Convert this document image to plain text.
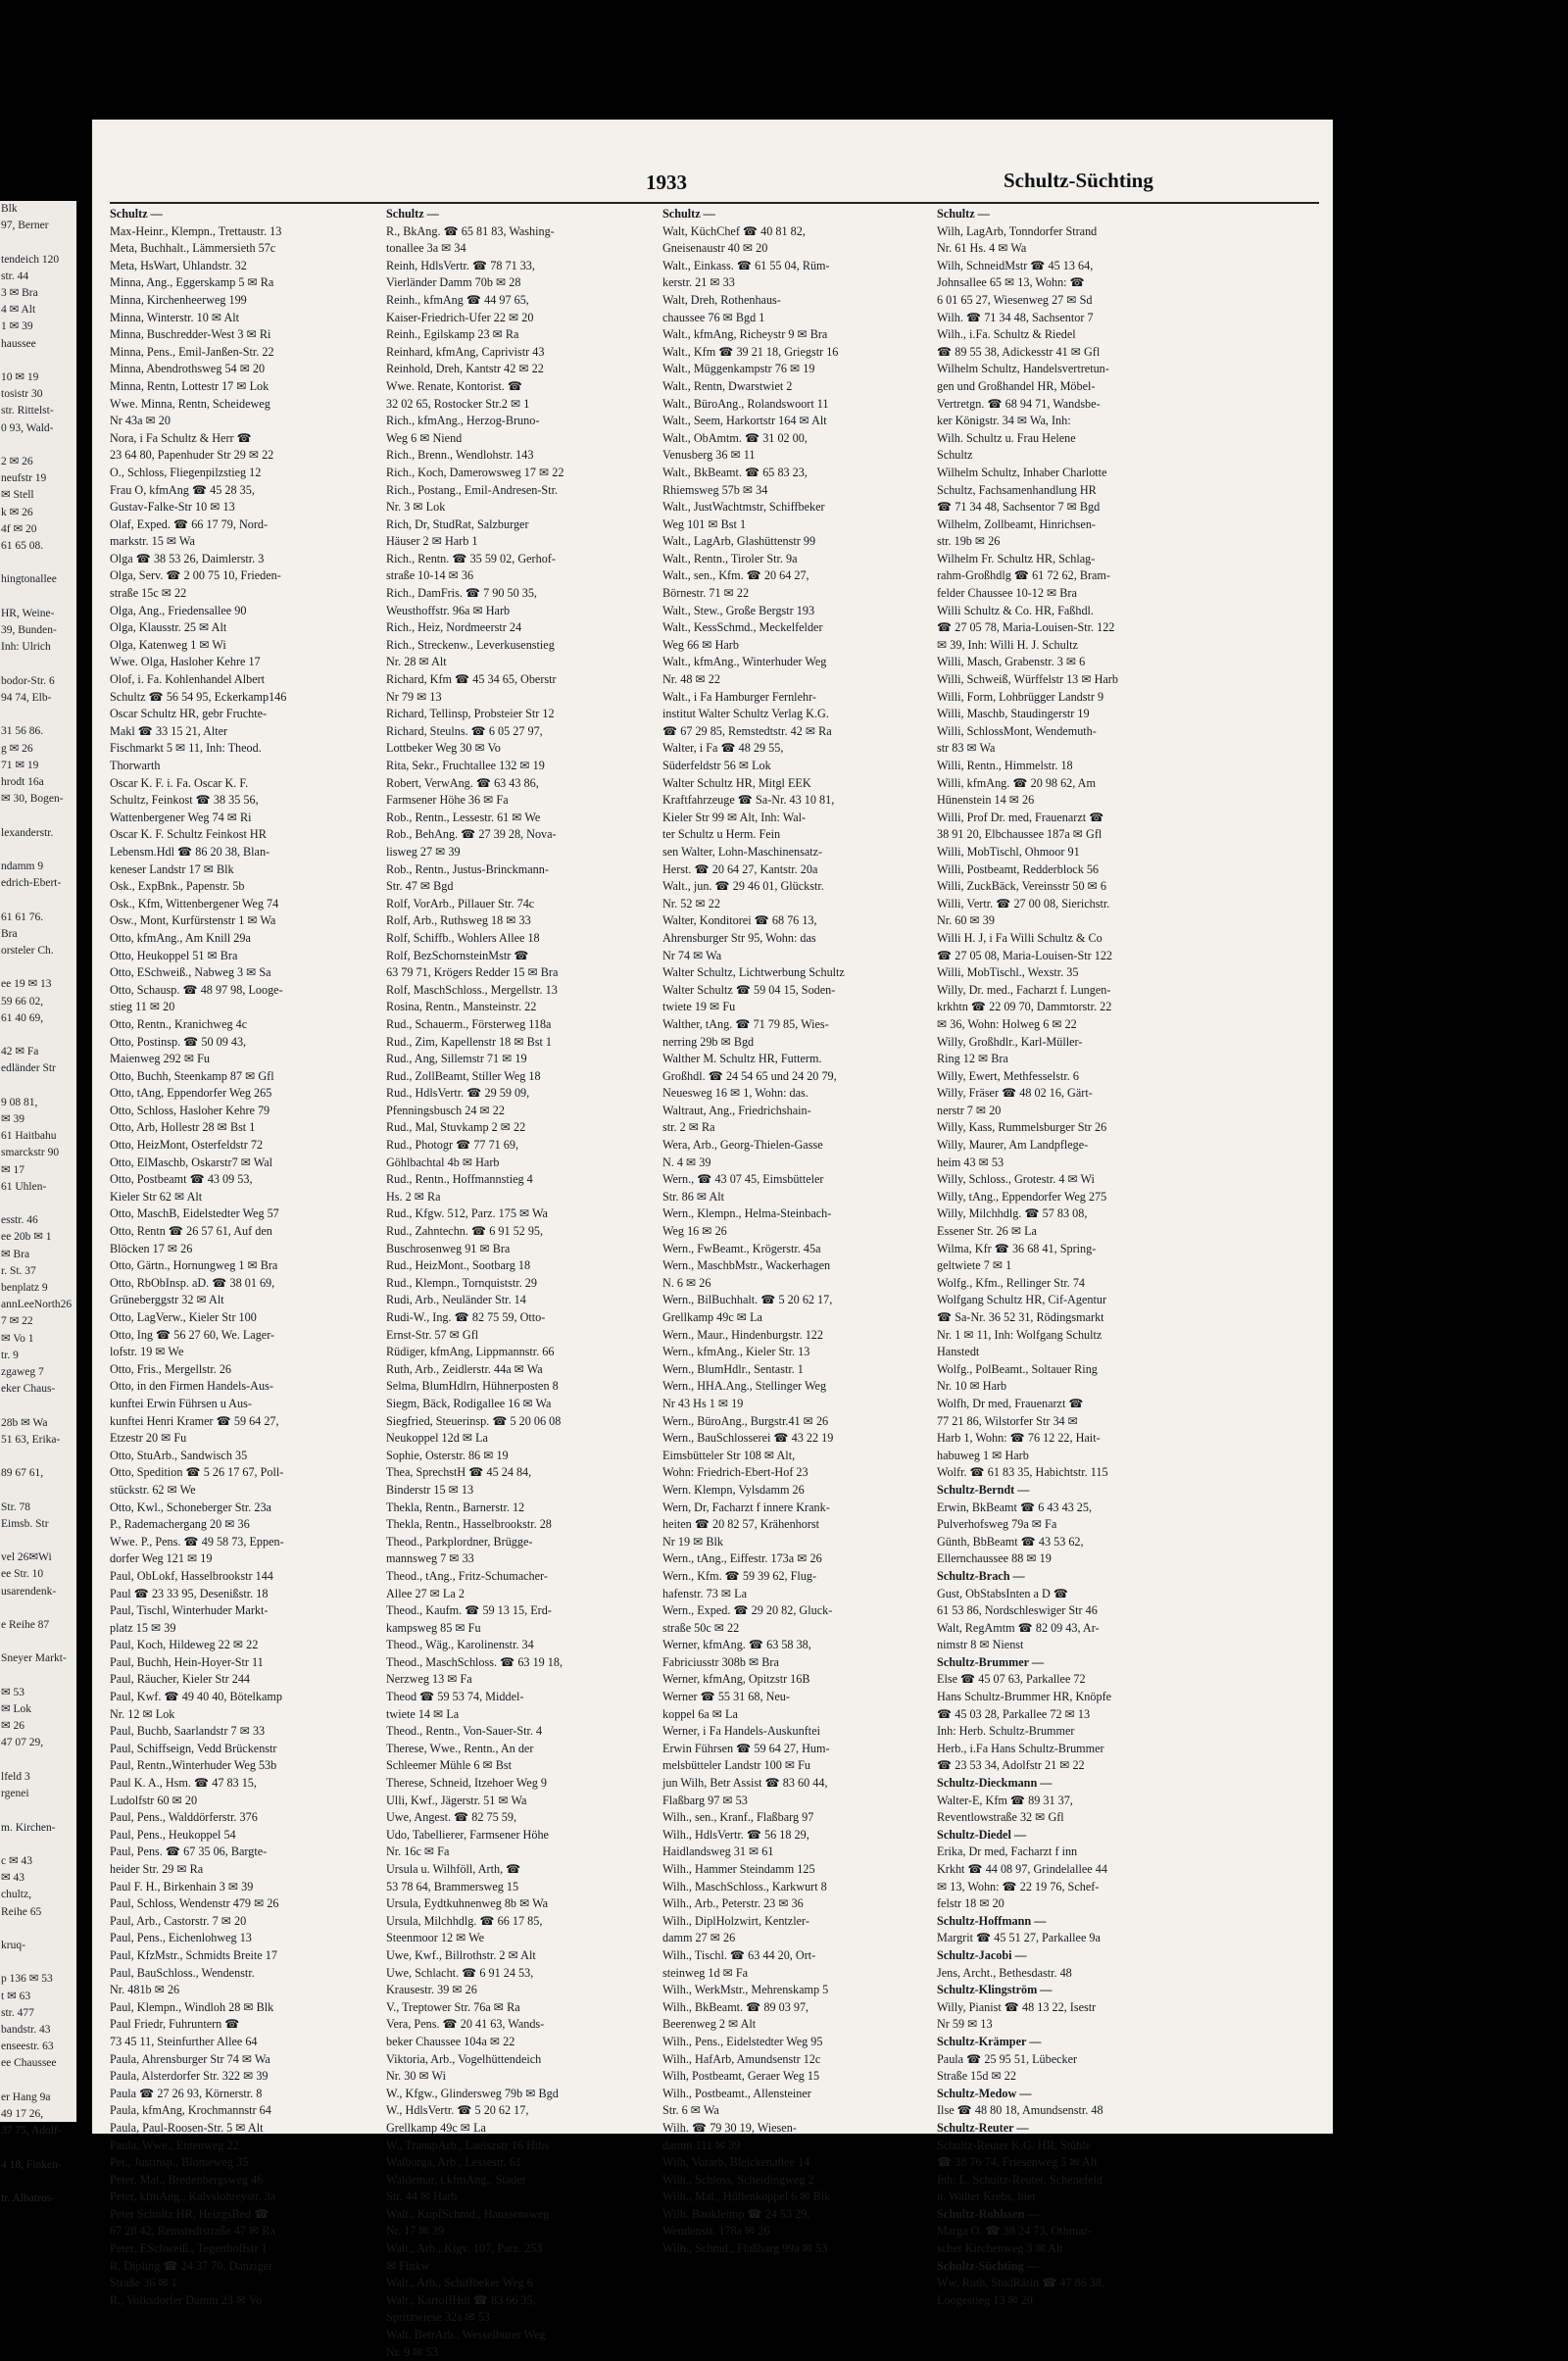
Blk
97, Berner

tendeich 120
str. 44
3 ✉ Bra
4 ✉ Alt
1 ✉ 39
haussee

10 ✉ 19
tosistr 30
str. Rittelst-
0 93, Wald-

2 ✉ 26
neufstr 19
✉ Stell
k ✉ 26
4f ✉ 20
61 65 08.

hingtonallee

HR, Weine-
39, Bunden-
Inh: Ulrich

bodor-Str. 6
94 74, Elb-

31 56 86.
g ✉ 26
71 ✉ 19
hrodt 16a
✉ 30, Bogen-

lexanderstr.

ndamm 9
edrich-Ebert-

61 61 76.
Bra
orsteler Ch.

ee 19 ✉ 13
59 66 02,
61 40 69,

42 ✉ Fa
edländer Str

9 08 81,
✉ 39
61 Haitbahu
smarckstr 90
✉ 17
61 Uhlen-

esstr. 46
ee 20b ✉ 1
✉ Bra
r. St. 37
benplatz 9
annLeeNorth26
7 ✉ 22
✉ Vo 1
tr. 9
zgaweg 7
eker Chaus-

28b ✉ Wa
51 63, Erika-

89 67 61,

Str. 78
Eimsb. Str

vel 26✉Wi
ee Str. 10
usarendenk-

e Reihe 87

Sneyer Markt-

✉ 53
✉ Lok
✉ 26
47 07 29,

lfeld 3
rgenei

m. Kirchen-

c ✉ 43
✉ 43
chultz,
Reihe 65

kruq-

p 136 ✉ 53
t ✉ 63
str. 477
bandstr. 43
enseestr. 63
ee Chaussee

er Hang 9a
49 17 26,
37 75, Adolf-

4 18, Finken-

tr. Albatros-
1933	Schultz-Süchting

Schultz —

Max-Heinr., Klempn., Trettaustr. 13

Meta, Buchhalt., Lämmersieth 57c

Meta, HsWart, Uhlandstr. 32

Minna, Ang., Eggerskamp 5 ✉ Ra

Minna, Kirchenheerweg 199

Minna, Winterstr. 10 ✉ Alt

Minna, Buschredder-West 3 ✉ Ri

Minna, Pens., Emil-Janßen-Str. 22

Minna, Abendrothsweg 54 ✉ 20

Minna, Rentn, Lottestr 17 ✉ Lok

Wwe. Minna, Rentn, Scheideweg

Nr 43a ✉ 20

Nora, i Fa Schultz & Herr ☎

23 64 80, Papenhuder Str 29 ✉ 22

O., Schloss, Fliegenpilzstieg 12

Frau O, kfmAng ☎ 45 28 35,

Gustav-Falke-Str 10 ✉ 13

Olaf, Exped. ☎ 66 17 79, Nord-

markstr. 15 ✉ Wa

Olga ☎ 38 53 26, Daimlerstr. 3

Olga, Serv. ☎ 2 00 75 10, Frieden-

straße 15c ✉ 22

Olga, Ang., Friedensallee 90

Olga, Klausstr. 25 ✉ Alt

Olga, Katenweg 1 ✉ Wi

Wwe. Olga, Hasloher Kehre 17

Olof, i. Fa. Kohlenhandel Albert

Schultz ☎ 56 54 95, Eckerkamp146

Oscar Schultz HR, gebr Fruchte-

Makl ☎ 33 15 21, Alter

Fischmarkt 5 ✉ 11, Inh: Theod.

Thorwarth

Oscar K. F. i. Fa. Oscar K. F.

Schultz, Feinkost ☎ 38 35 56,

Wattenbergener Weg 74 ✉ Ri

Oscar K. F. Schultz Feinkost HR

Lebensm.Hdl ☎ 86 20 38, Blan-

keneser Landstr 17 ✉ Blk

Osk., ExpBnk., Papenstr. 5b

Osk., Kfm, Wittenbergener Weg 74

Osw., Mont, Kurfürstenstr 1 ✉ Wa

Otto, kfmAng., Am Knill 29a

Otto, Heukoppel 51 ✉ Bra

Otto, ESchweiß., Nabweg 3 ✉ Sa

Otto, Schausp. ☎ 48 97 98, Looge-

stieg 11 ✉ 20

Otto, Rentn., Kranichweg 4c

Otto, Postinsp. ☎ 50 09 43,

Maienweg 292 ✉ Fu

Otto, Buchh, Steenkamp 87 ✉ Gfl

Otto, tAng, Eppendorfer Weg 265

Otto, Schloss, Hasloher Kehre 79

Otto, Arb, Hollestr 28 ✉ Bst 1

Otto, HeizMont, Osterfeldstr 72

Otto, ElMaschb, Oskarstr7 ✉ Wal

Otto, Postbeamt ☎ 43 09 53,

Kieler Str 62 ✉ Alt

Otto, MaschB, Eidelstedter Weg 57

Otto, Rentn ☎ 26 57 61, Auf den

Blöcken 17 ✉ 26

Otto, Gärtn., Hornungweg 1 ✉ Bra

Otto, RbObInsp. aD. ☎ 38 01 69,

Grüneberggstr 32 ✉ Alt

Otto, LagVerw., Kieler Str 100

Otto, Ing ☎ 56 27 60, We. Lager-

lofstr. 19 ✉ We

Otto, Fris., Mergellstr. 26

Otto, in den Firmen Handels-Aus-

kunftei Erwin Führsen u Aus-

kunftei Henri Kramer ☎ 59 64 27,

Etzestr 20 ✉ Fu

Otto, StuArb., Sandwisch 35

Otto, Spedition ☎ 5 26 17 67, Poll-

stückstr. 62 ✉ We

Otto, Kwl., Schoneberger Str. 23a

P., Rademachergang 20 ✉ 36

Wwe. P., Pens. ☎ 49 58 73, Eppen-

dorfer Weg 121 ✉ 19

Paul, ObLokf, Hasselbrookstr 144

Paul ☎ 23 33 95, Desenißstr. 18

Paul, Tischl, Winterhuder Markt-

platz 15 ✉ 39

Paul, Koch, Hildeweg 22 ✉ 22

Paul, Buchh, Hein-Hoyer-Str 11

Paul, Räucher, Kieler Str 244

Paul, Kwf. ☎ 49 40 40, Bötelkamp

Nr. 12 ✉ Lok

Paul, Buchb, Saarlandstr 7 ✉ 33

Paul, Schiffseign, Vedd Brückenstr

Paul, Rentn.,Winterhuder Weg 53b

Paul K. A., Hsm. ☎ 47 83 15,

Ludolfstr 60 ✉ 20

Paul, Pens., Walddörferstr. 376

Paul, Pens., Heukoppel 54

Paul, Pens. ☎ 67 35 06, Bargte-

heider Str. 29 ✉ Ra

Paul F. H., Birkenhain 3 ✉ 39

Paul, Schloss, Wendenstr 479 ✉ 26

Paul, Arb., Castorstr. 7 ✉ 20

Paul, Pens., Eichenlohweg 13

Paul, KfzMstr., Schmidts Breite 17

Paul, BauSchloss., Wendenstr.

Nr. 481b ✉ 26

Paul, Klempn., Windloh 28 ✉ Blk

Paul Friedr, Fuhruntern ☎

73 45 11, Steinfurther Allee 64

Paula, Ahrensburger Str 74 ✉ Wa

Paula, Alsterdorfer Str. 322 ✉ 39

Paula ☎ 27 26 93, Körnerstr. 8

Paula, kfmAng, Krochmannstr 64

Paula, Paul-Roosen-Str. 5 ✉ Alt

Paula, Wwe., Entenweg 22

Pet., Justinsp., Blomeweg 35

Peter, Mal., Bredenbergsweg 46

Peter, kfmAng., Kalvslohreystr. 3a

Peter Schultz HR, HeizgsBed ☎

67 28 42, Remstedtstraße 47 ✉ Ra

Peter, ESchweiß., Tegetthoffstr 1

R, Dipling ☎ 24 37 70, Danziger

Straße 36 ✉ 1

R., Volksdorfer Damm 23 ✉ Vo

Schultz —

R., BkAng. ☎ 65 81 83, Washing-

tonallee 3a ✉ 34

Reinh, HdlsVertr. ☎ 78 71 33,

Vierländer Damm 70b ✉ 28

Reinh., kfmAng ☎ 44 97 65,

Kaiser-Friedrich-Ufer 22 ✉ 20

Reinh., Egilskamp 23 ✉ Ra

Reinhard, kfmAng, Caprivistr 43

Reinhold, Dreh, Kantstr 42 ✉ 22

Wwe. Renate, Kontorist. ☎

32 02 65, Rostocker Str.2 ✉ 1

Rich., kfmAng., Herzog-Bruno-

Weg 6 ✉ Niend

Rich., Brenn., Wendlohstr. 143

Rich., Koch, Damerowsweg 17 ✉ 22

Rich., Postang., Emil-Andresen-Str.

Nr. 3 ✉ Lok

Rich, Dr, StudRat, Salzburger

Häuser 2 ✉ Harb 1

Rich., Rentn. ☎ 35 59 02, Gerhof-

straße 10-14 ✉ 36

Rich., DamFris. ☎ 7 90 50 35,

Weusthoffstr. 96a ✉ Harb

Rich., Heiz, Nordmeerstr 24

Rich., Streckenw., Leverkusenstieg

Nr. 28 ✉ Alt

Richard, Kfm ☎ 45 34 65, Oberstr

Nr 79 ✉ 13

Richard, Tellinsp, Probsteier Str 12

Richard, Steulns. ☎ 6 05 27 97,

Lottbeker Weg 30 ✉ Vo

Rita, Sekr., Fruchtallee 132 ✉ 19

Robert, VerwAng. ☎ 63 43 86,

Farmsener Höhe 36 ✉ Fa

Rob., Rentn., Lessestr. 61 ✉ We

Rob., BehAng. ☎ 27 39 28, Nova-

lisweg 27 ✉ 39

Rob., Rentn., Justus-Brinckmann-

Str. 47 ✉ Bgd

Rolf, VorArb., Pillauer Str. 74c

Rolf, Arb., Ruthsweg 18 ✉ 33

Rolf, Schiffb., Wohlers Allee 18

Rolf, BezSchornsteinMstr ☎

63 79 71, Krögers Redder 15 ✉ Bra

Rolf, MaschSchloss., Mergellstr. 13

Rosina, Rentn., Mansteinstr. 22

Rud., Schauerm., Försterweg 118a

Rud., Zim, Kapellenstr 18 ✉ Bst 1

Rud., Ang, Sillemstr 71 ✉ 19

Rud., ZollBeamt, Stiller Weg 18

Rud., HdlsVertr. ☎ 29 59 09,

Pfenningsbusch 24 ✉ 22

Rud., Mal, Stuvkamp 2 ✉ 22

Rud., Photogr ☎ 77 71 69,

Göhlbachtal 4b ✉ Harb

Rud., Rentn., Hoffmannstieg 4

Hs. 2 ✉ Ra

Rud., Kfgw. 512, Parz. 175 ✉ Wa

Rud., Zahntechn. ☎ 6 91 52 95,

Buschrosenweg 91 ✉ Bra

Rud., HeizMont., Sootbarg 18

Rud., Klempn., Tornquiststr. 29

Rudi, Arb., Neuländer Str. 14

Rudi-W., Ing. ☎ 82 75 59, Otto-

Ernst-Str. 57 ✉ Gfl

Rüdiger, kfmAng, Lippmannstr. 66

Ruth, Arb., Zeidlerstr. 44a ✉ Wa

Selma, BlumHdlrn, Hühnerposten 8

Siegm, Bäck, Rodigallee 16 ✉ Wa

Siegfried, Steuerinsp. ☎ 5 20 06 08

Neukoppel 12d ✉ La

Sophie, Osterstr. 86 ✉ 19

Thea, SprechstH ☎ 45 24 84,

Binderstr 15 ✉ 13

Thekla, Rentn., Barnerstr. 12

Thekla, Rentn., Hasselbrookstr. 28

Theod., Parkplordner, Brügge-

mannsweg 7 ✉ 33

Theod., tAng., Fritz-Schumacher-

Allee 27 ✉ La 2

Theod., Kaufm. ☎ 59 13 15, Erd-

kampsweg 85 ✉ Fu

Theod., Wäg., Karolinenstr. 34

Theod., MaschSchloss. ☎ 63 19 18,

Nerzweg 13 ✉ Fa

Theod ☎ 59 53 74, Middel-

twiete 14 ✉ La

Theod., Rentn., Von-Sauer-Str. 4

Therese, Wwe., Rentn., An der

Schleemer Mühle 6 ✉ Bst

Therese, Schneid, Itzehoer Weg 9

Ulli, Kwf., Jägerstr. 51 ✉ Wa

Uwe, Angest. ☎ 82 75 59,

Udo, Tabellierer, Farmsener Höhe

Nr. 16c ✉ Fa

Ursula u. Wilhföll, Arth, ☎

53 78 64, Brammersweg 15

Ursula, Eydtkuhnenweg 8b ✉ Wa

Ursula, Milchhdlg. ☎ 66 17 85,

Steenmoor 12 ✉ We

Uwe, Kwf., Billrothstr. 2 ✉ Alt

Uwe, Schlacht. ☎ 6 91 24 53,

Krausestr. 39 ✉ 26

V., Treptower Str. 76a ✉ Ra

Vera, Pens. ☎ 20 41 63, Wands-

beker Chaussee 104a ✉ 22

Viktoria, Arb., Vogelhüttendeich

Nr. 30 ✉ Wi

W., Kfgw., Glindersweg 79b ✉ Bgd

W., HdlsVertr. ☎ 5 20 62 17,

Grellkamp 49c ✉ La

W., TranspArb., Laeiszstr 16 Hths

Walburga, Arb., Lessestr. 61

Waldemar, t.kfmAng., Stader

Str. 44 ✉ Harb

Walt., KupfSchmd., Hanssensweg

Nr. 17 ✉ 39

Walt., Arb., Klgv. 107, Parz. 253

✉ Finkw

Walt., Arb., Schiffbeker Weg 6

Walt., KartoffHdl ☎ 83 66 35,

Spritzwiese 32a ✉ 53

Walt. BetrArb., Wesselburer Weg

Nr. 9 ✉ 53

Schultz —

Walt, KüchChef ☎ 40 81 82,

Gneisenaustr 40 ✉ 20

Walt., Einkass. ☎ 61 55 04, Rüm-

kerstr. 21 ✉ 33

Walt, Dreh, Rothenhaus-

chaussee 76 ✉ Bgd 1

Walt., kfmAng, Richeystr 9 ✉ Bra

Walt., Kfm ☎ 39 21 18, Griegstr 16

Walt., Müggenkampstr 76 ✉ 19

Walt., Rentn, Dwarstwiet 2

Walt., BüroAng., Rolandswoort 11

Walt., Seem, Harkortstr 164 ✉ Alt

Walt., ObAmtm. ☎ 31 02 00,

Venusberg 36 ✉ 11

Walt., BkBeamt. ☎ 65 83 23,

Rhiemsweg 57b ✉ 34

Walt., JustWachtmstr, Schiffbeker

Weg 101 ✉ Bst 1

Walt., LagArb, Glashüttenstr 99

Walt., Rentn., Tiroler Str. 9a

Walt., sen., Kfm. ☎ 20 64 27,

Börnestr. 71 ✉ 22

Walt., Stew., Große Bergstr 193

Walt., KessSchmd., Meckelfelder

Weg 66 ✉ Harb

Walt., kfmAng., Winterhuder Weg

Nr. 48 ✉ 22

Walt., i Fa Hamburger Fernlehr-

institut Walter Schultz Verlag K.G.

☎ 67 29 85, Remstedtstr. 42 ✉ Ra

Walter, i Fa ☎ 48 29 55,

Süderfeldstr 56 ✉ Lok

Walter Schultz HR, Mitgl EEK

Kraftfahrzeuge ☎ Sa-Nr. 43 10 81,

Kieler Str 99 ✉ Alt, Inh: Wal-

ter Schultz u Herm. Fein

sen Walter, Lohn-Maschinensatz-

Herst. ☎ 20 64 27, Kantstr. 20a

Walt., jun. ☎ 29 46 01, Glückstr.

Nr. 52 ✉ 22

Walter, Konditorei ☎ 68 76 13,

Ahrensburger Str 95, Wohn: das

Nr 74 ✉ Wa

Walter Schultz, Lichtwerbung Schultz

Walter Schultz ☎ 59 04 15, Soden-

twiete 19 ✉ Fu

Walther, tAng. ☎ 71 79 85, Wies-

nerring 29b ✉ Bgd

Walther M. Schultz HR, Futterm.

Großhdl. ☎ 24 54 65 und 24 20 79,

Neuesweg 16 ✉ 1, Wohn: das.

Waltraut, Ang., Friedrichshain-

str. 2 ✉ Ra

Wera, Arb., Georg-Thielen-Gasse

N. 4 ✉ 39

Wern., ☎ 43 07 45, Eimsbütteler

Str. 86 ✉ Alt

Wern., Klempn., Helma-Steinbach-

Weg 16 ✉ 26

Wern., FwBeamt., Krögerstr. 45a

Wern., MaschbMstr., Wackerhagen

N. 6 ✉ 26

Wern., BilBuchhalt. ☎ 5 20 62 17,

Grellkamp 49c ✉ La

Wern., Maur., Hindenburgstr. 122

Wern., kfmAng., Kieler Str. 13

Wern., BlumHdlr., Sentastr. 1

Wern., HHA.Ang., Stellinger Weg

Nr 43 Hs 1 ✉ 19

Wern., BüroAng., Burgstr.41 ✉ 26

Wern., BauSchlosserei ☎ 43 22 19

Eimsbütteler Str 108 ✉ Alt,

Wohn: Friedrich-Ebert-Hof 23

Wern. Klempn, Vylsdamm 26

Wern, Dr, Facharzt f innere Krank-

heiten ☎ 20 82 57, Krähenhorst

Nr 19 ✉ Blk

Wern., tAng., Eiffestr. 173a ✉ 26

Wern., Kfm. ☎ 59 39 62, Flug-

hafenstr. 73 ✉ La

Wern., Exped. ☎ 29 20 82, Gluck-

straße 50c ✉ 22

Werner, kfmAng. ☎ 63 58 38,

Fabriciusstr 308b ✉ Bra

Werner, kfmAng, Opitzstr 16B

Werner ☎ 55 31 68, Neu-

koppel 6a ✉ La

Werner, i Fa Handels-Auskunftei

Erwin Führsen ☎ 59 64 27, Hum-

melsbütteler Landstr 100 ✉ Fu

jun Wilh, Betr Assist ☎ 83 60 44,

Flaßbarg 97 ✉ 53

Wilh., sen., Kranf., Flaßbarg 97

Wilh., HdlsVertr. ☎ 56 18 29,

Haidlandsweg 31 ✉ 61

Wilh., Hammer Steindamm 125

Wilh., MaschSchloss., Karkwurt 8

Wilh., Arb., Peterstr. 23 ✉ 36

Wilh., DiplHolzwirt, Kentzler-

damm 27 ✉ 26

Wilh., Tischl. ☎ 63 44 20, Ort-

steinweg 1d ✉ Fa

Wilh., WerkMstr., Mehrenskamp 5

Wilh., BkBeamt. ☎ 89 03 97,

Beerenweg 2 ✉ Alt

Wilh., Pens., Eidelstedter Weg 95

Wilh., HafArb, Amundsenstr 12c

Wilh, Postbeamt, Geraer Weg 15

Wilh., Postbeamt., Allensteiner

Str. 6 ✉ Wa

Wilh. ☎ 79 30 19, Wiesen-

damm 111 ✉ 39

Wilh, Vorarb, Bleickenallee 14

Wilh., Schloss, Scheidingweg 2

Wilh., Mal., Hüllenkoppel 6 ✉ Blk

Wilh. Baukleimp ☎ 24 53 29,

Wendenstr. 178a ✉ 26

Wilh., Schmd., Flaßbarg 99a ✉ 53

Schultz —

Wilh, LagArb, Tonndorfer Strand

Nr. 61 Hs. 4 ✉ Wa

Wilh, SchneidMstr ☎ 45 13 64,

Johnsallee 65 ✉ 13, Wohn: ☎

6 01 65 27, Wiesenweg 27 ✉ Sd

Wilh. ☎ 71 34 48, Sachsentor 7

Wilh., i.Fa. Schultz & Riedel

☎ 89 55 38, Adickesstr 41 ✉ Gfl

Wilhelm Schultz, Handelsvertretun-

gen und Großhandel HR, Möbel-

Vertretgn. ☎ 68 94 71, Wandsbe-

ker Königstr. 34 ✉ Wa, Inh:

Wilh. Schultz u. Frau Helene

Schultz

Wilhelm Schultz, Inhaber Charlotte

Schultz, Fachsamenhandlung HR

☎ 71 34 48, Sachsentor 7 ✉ Bgd

Wilhelm, Zollbeamt, Hinrichsen-

str. 19b ✉ 26

Wilhelm Fr. Schultz HR, Schlag-

rahm-Großhdlg ☎ 61 72 62, Bram-

felder Chaussee 10-12 ✉ Bra

Willi Schultz & Co. HR, Faßhdl.

☎ 27 05 78, Maria-Louisen-Str. 122

✉ 39, Inh: Willi H. J. Schultz

Willi, Masch, Grabenstr. 3 ✉ 6

Willi, Schweiß, Würffelstr 13 ✉ Harb

Willi, Form, Lohbrügger Landstr 9

Willi, Maschb, Staudingerstr 19

Willi, SchlossMont, Wendemuth-

str 83 ✉ Wa

Willi, Rentn., Himmelstr. 18

Willi, kfmAng. ☎ 20 98 62, Am

Hünenstein 14 ✉ 26

Willi, Prof Dr. med, Frauenarzt ☎

38 91 20, Elbchaussee 187a ✉ Gfl

Willi, MobTischl, Ohmoor 91

Willi, Postbeamt, Redderblock 56

Willi, ZuckBäck, Vereinsstr 50 ✉ 6

Willi, Vertr. ☎ 27 00 08, Sierichstr.

Nr. 60 ✉ 39

Willi H. J, i Fa Willi Schultz & Co

☎ 27 05 08, Maria-Louisen-Str 122

Willi, MobTischl., Wexstr. 35

Willy, Dr. med., Facharzt f. Lungen-

krkhtn ☎ 22 09 70, Dammtorstr. 22

✉ 36, Wohn: Holweg 6 ✉ 22

Willy, Großhdlr., Karl-Müller-

Ring 12 ✉ Bra

Willy, Ewert, Methfesselstr. 6

Willy, Fräser ☎ 48 02 16, Gärt-

nerstr 7 ✉ 20

Willy, Kass, Rummelsburger Str 26

Willy, Maurer, Am Landpflege-

heim 43 ✉ 53

Willy, Schloss., Grotestr. 4 ✉ Wi

Willy, tAng., Eppendorfer Weg 275

Willy, Milchhdlg. ☎ 57 83 08,

Essener Str. 26 ✉ La

Wilma, Kfr ☎ 36 68 41, Spring-

geltwiete 7 ✉ 1

Wolfg., Kfm., Rellinger Str. 74

Wolfgang Schultz HR, Cif-Agentur

☎ Sa-Nr. 36 52 31, Rödingsmarkt

Nr. 1 ✉ 11, Inh: Wolfgang Schultz

Hanstedt

Wolfg., PolBeamt., Soltauer Ring

Nr. 10 ✉ Harb

Wolfh, Dr med, Frauenarzt ☎

77 21 86, Wilstorfer Str 34 ✉

Harb 1, Wohn: ☎ 76 12 22, Hait-

habuweg 1 ✉ Harb

Wolfr. ☎ 61 83 35, Habichtstr. 115

Schultz-Berndt —

Erwin, BkBeamt ☎ 6 43 43 25,

Pulverhofsweg 79a ✉ Fa

Günth, BbBeamt ☎ 43 53 62,

Ellernchaussee 88 ✉ 19

Schultz-Brach —

Gust, ObStabsInten a D ☎

61 53 86, Nordschleswiger Str 46

Walt, RegAmtm ☎ 82 09 43, Ar-

nimstr 8 ✉ Nienst

Schultz-Brummer —

Else ☎ 45 07 63, Parkallee 72

Hans Schultz-Brummer HR, Knöpfe

☎ 45 03 28, Parkallee 72 ✉ 13

Inh: Herb. Schultz-Brummer

Herb., i.Fa Hans Schultz-Brummer

☎ 23 53 34, Adolfstr 21 ✉ 22

Schultz-Dieckmann —

Walter-E, Kfm ☎ 89 31 37,

Reventlowstraße 32 ✉ Gfl

Schultz-Diedel —

Erika, Dr med, Facharzt f inn

Krkht ☎ 44 08 97, Grindelallee 44

✉ 13, Wohn: ☎ 22 19 76, Schef-

felstr 18 ✉ 20

Schultz-Hoffmann —

Margrit ☎ 45 51 27, Parkallee 9a

Schultz-Jacobi —

Jens, Archt., Bethesdastr. 48

Schultz-Klingström —

Willy, Pianist ☎ 48 13 22, Isestr

Nr 59 ✉ 13

Schultz-Krämper —

Paula ☎ 25 95 51, Lübecker

Straße 15d ✉ 22

Schultz-Medow —

Ilse ☎ 48 80 18, Amundsenstr. 48

Schultz-Reuter —

Schultz-Reuter K.G. HR, Stühle

☎ 38 76 74, Friesenweg 5 ✉ Alt

Inh: L. Schultz-Reuter, Schenefeld

u. Walter Krebs, hier

Schultz-Rohlssen —

Marga O. ☎ 38 24 73, Othmar-

scher Kirchenweg 3 ✉ Alt

Schultz-Süchting —

Ww, Ruth, StudRätin ☎ 47 86 38,

Loogestieg 13 ✉ 20
